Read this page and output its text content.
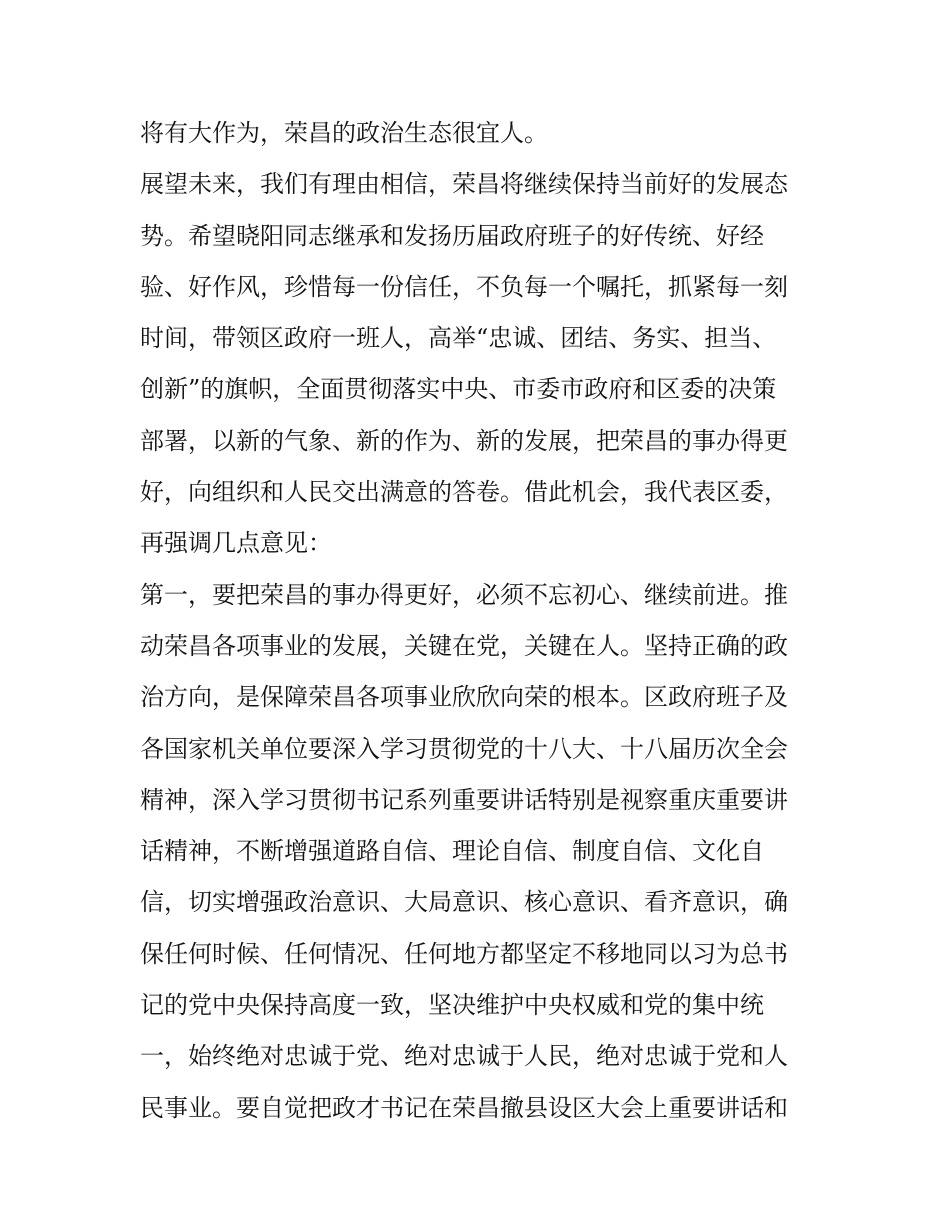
将有大作为，荣昌的政治生态很宜人。
展望未来，我们有理由相信，荣昌将继续保持当前好的发展态
势。希望晓阳同志继承和发扬历届政府班子的好传统、好经
验、好作风，珍惜每一份信任，不负每一个嘱托，抓紧每一刻
时间，带领区政府一班人，高举“忠诚、团结、务实、担当、
创新”的旗帜，全面贯彻落实中央、市委市政府和区委的决策
部署，以新的气象、新的作为、新的发展，把荣昌的事办得更
好，向组织和人民交出满意的答卷。借此机会，我代表区委，
再强调几点意见：
第一，要把荣昌的事办得更好，必须不忘初心、继续前进。推
动荣昌各项事业的发展，关键在党，关键在人。坚持正确的政
治方向，是保障荣昌各项事业欣欣向荣的根本。区政府班子及
各国家机关单位要深入学习贯彻党的十八大、十八届历次全会
精神，深入学习贯彻书记系列重要讲话特别是视察重庆重要讲
话精神，不断增强道路自信、理论自信、制度自信、文化自
信，切实增强政治意识、大局意识、核心意识、看齐意识，确
保任何时候、任何情况、任何地方都坚定不移地同以习为总书
记的党中央保持高度一致，坚决维护中央权威和党的集中统
一，始终绝对忠诚于党、绝对忠诚于人民，绝对忠诚于党和人
民事业。要自觉把政才书记在荣昌撤县设区大会上重要讲话和
